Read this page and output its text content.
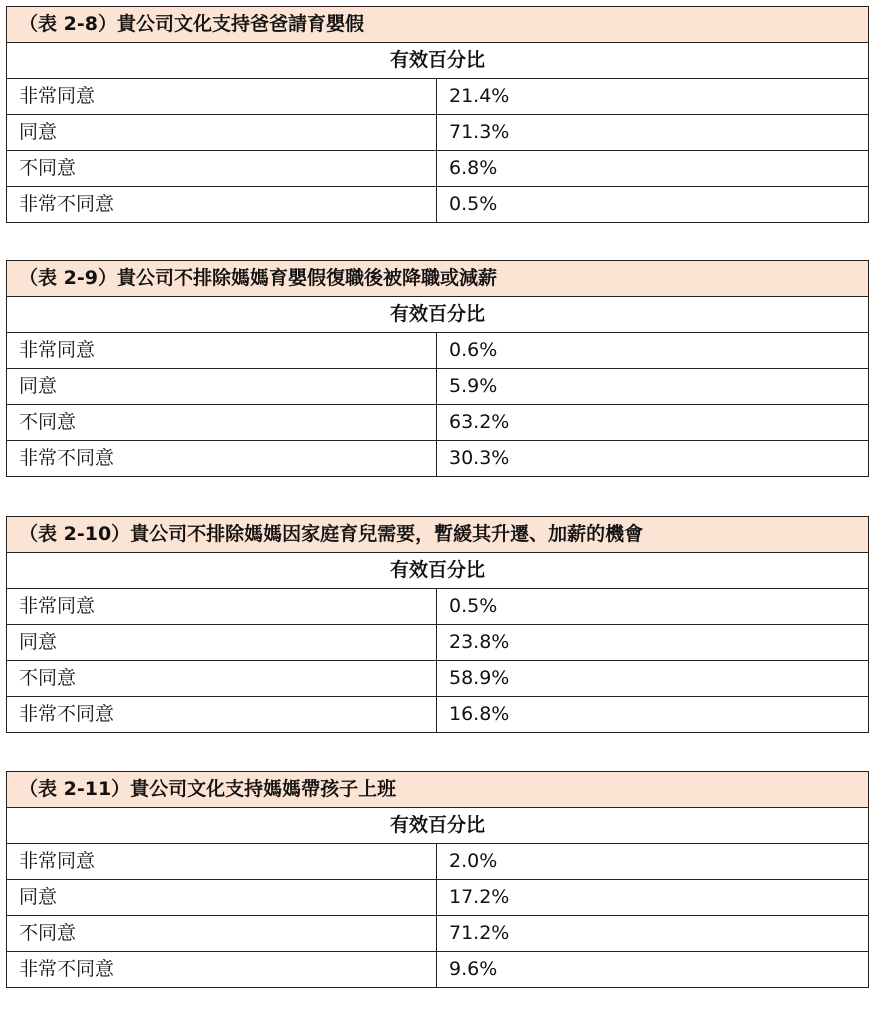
（表 2-8）貴公司文化支持爸爸請育嬰假	
有效百分比	
非常同意	21.4%
同意	71.3%
不同意	6.8%
非常不同意	0.5%
（表 2-9）貴公司不排除媽媽育嬰假復職後被降職或減薪	
有效百分比	
非常同意	0.6%
同意	5.9%
不同意	63.2%
非常不同意	30.3%
（表 2-10）貴公司不排除媽媽因家庭育兒需要，暫緩其升遷、加薪的機會	
有效百分比	
非常同意	0.5%
同意	23.8%
不同意	58.9%
非常不同意	16.8%
（表 2-11）貴公司文化支持媽媽帶孩子上班	
有效百分比	
非常同意	2.0%
同意	17.2%
不同意	71.2%
非常不同意	9.6%
